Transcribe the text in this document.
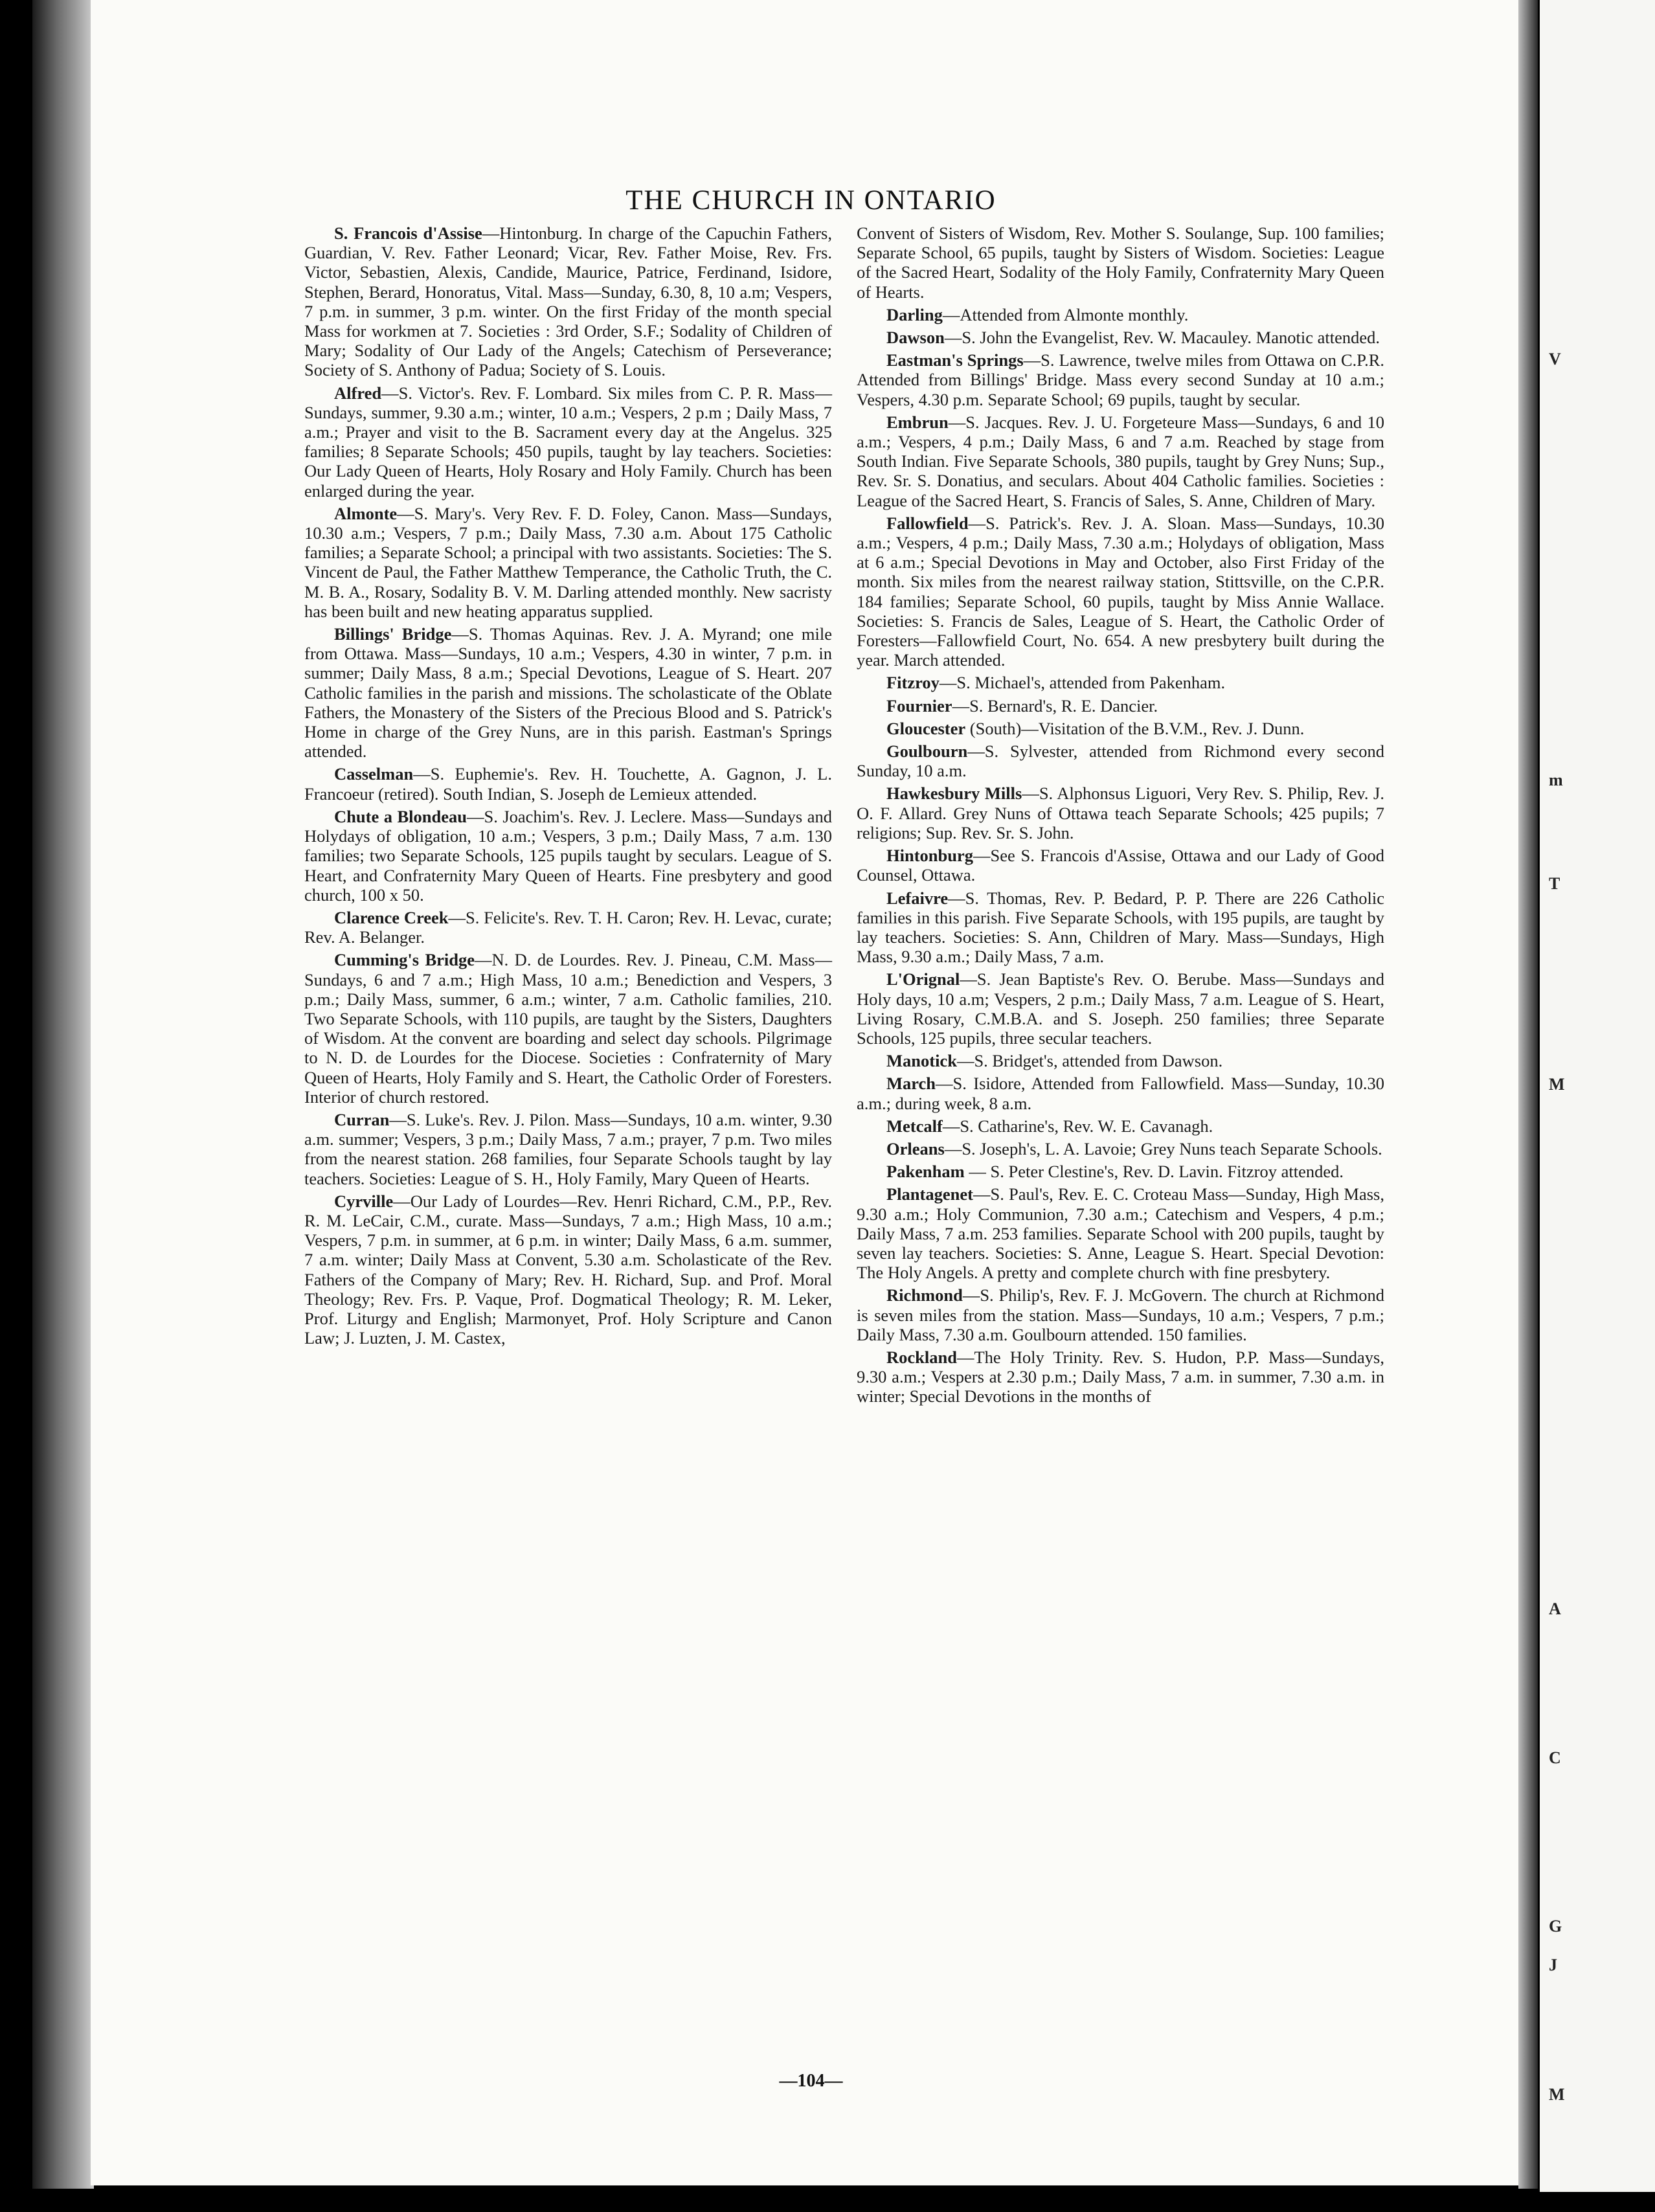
THE CHURCH IN ONTARIO

S. Francois d'Assise—Hintonburg. In charge of the Capuchin Fathers, Guardian, V. Rev. Father Leonard; Vicar, Rev. Father Moise, Rev. Frs. Victor, Sebastien, Alexis, Candide, Maurice, Patrice, Ferdinand, Isidore, Stephen, Berard, Honoratus, Vital. Mass—Sunday, 6.30, 8, 10 a.m; Vespers, 7 p.m. in summer, 3 p.m. winter. On the first Friday of the month special Mass for workmen at 7. Societies : 3rd Order, S.F.; Sodality of Children of Mary; Sodality of Our Lady of the Angels; Catechism of Perseverance; Society of S. Anthony of Padua; Society of S. Louis.

Alfred—S. Victor's. Rev. F. Lombard. Six miles from C. P. R. Mass—Sundays, summer, 9.30 a.m.; winter, 10 a.m.; Vespers, 2 p.m ; Daily Mass, 7 a.m.; Prayer and visit to the B. Sacrament every day at the Angelus. 325 families; 8 Separate Schools; 450 pupils, taught by lay teachers. Societies: Our Lady Queen of Hearts, Holy Rosary and Holy Family. Church has been enlarged during the year.

Almonte—S. Mary's. Very Rev. F. D. Foley, Canon. Mass—Sundays, 10.30 a.m.; Vespers, 7 p.m.; Daily Mass, 7.30 a.m. About 175 Catholic families; a Separate School; a principal with two assistants. Societies: The S. Vincent de Paul, the Father Matthew Temperance, the Catholic Truth, the C. M. B. A., Rosary, Sodality B. V. M. Darling attended monthly. New sacristy has been built and new heating apparatus supplied.

Billings' Bridge—S. Thomas Aquinas. Rev. J. A. Myrand; one mile from Ottawa. Mass—Sundays, 10 a.m.; Vespers, 4.30 in winter, 7 p.m. in summer; Daily Mass, 8 a.m.; Special Devotions, League of S. Heart. 207 Catholic families in the parish and missions. The scholasticate of the Oblate Fathers, the Monastery of the Sisters of the Precious Blood and S. Patrick's Home in charge of the Grey Nuns, are in this parish. Eastman's Springs attended.

Casselman—S. Euphemie's. Rev. H. Touchette, A. Gagnon, J. L. Francoeur (retired). South Indian, S. Joseph de Lemieux attended.

Chute a Blondeau—S. Joachim's. Rev. J. Leclere. Mass—Sundays and Holydays of obligation, 10 a.m.; Vespers, 3 p.m.; Daily Mass, 7 a.m. 130 families; two Separate Schools, 125 pupils taught by seculars. League of S. Heart, and Confraternity Mary Queen of Hearts. Fine presbytery and good church, 100 x 50.

Clarence Creek—S. Felicite's. Rev. T. H. Caron; Rev. H. Levac, curate; Rev. A. Belanger.

Cumming's Bridge—N. D. de Lourdes. Rev. J. Pineau, C.M. Mass—Sundays, 6 and 7 a.m.; High Mass, 10 a.m.; Benediction and Vespers, 3 p.m.; Daily Mass, summer, 6 a.m.; winter, 7 a.m. Catholic families, 210. Two Separate Schools, with 110 pupils, are taught by the Sisters, Daughters of Wisdom. At the convent are boarding and select day schools. Pilgrimage to N. D. de Lourdes for the Diocese. Societies : Confraternity of Mary Queen of Hearts, Holy Family and S. Heart, the Catholic Order of Foresters. Interior of church restored.

Curran—S. Luke's. Rev. J. Pilon. Mass—Sundays, 10 a.m. winter, 9.30 a.m. summer; Vespers, 3 p.m.; Daily Mass, 7 a.m.; prayer, 7 p.m. Two miles from the nearest station. 268 families, four Separate Schools taught by lay teachers. Societies: League of S. H., Holy Family, Mary Queen of Hearts.

Cyrville—Our Lady of Lourdes—Rev. Henri Richard, C.M., P.P., Rev. R. M. LeCair, C.M., curate. Mass—Sundays, 7 a.m.; High Mass, 10 a.m.; Vespers, 7 p.m. in summer, at 6 p.m. in winter; Daily Mass, 6 a.m. summer, 7 a.m. winter; Daily Mass at Convent, 5.30 a.m. Scholasticate of the Rev. Fathers of the Company of Mary; Rev. H. Richard, Sup. and Prof. Moral Theology; Rev. Frs. P. Vaque, Prof. Dogmatical Theology; R. M. Leker, Prof. Liturgy and English; Marmonyet, Prof. Holy Scripture and Canon Law; J. Luzten, J. M. Castex,

Convent of Sisters of Wisdom, Rev. Mother S. Soulange, Sup. 100 families; Separate School, 65 pupils, taught by Sisters of Wisdom. Societies: League of the Sacred Heart, Sodality of the Holy Family, Confraternity Mary Queen of Hearts.

Darling—Attended from Almonte monthly.

Dawson—S. John the Evangelist, Rev. W. Macauley. Manotic attended.

Eastman's Springs—S. Lawrence, twelve miles from Ottawa on C.P.R. Attended from Billings' Bridge. Mass every second Sunday at 10 a.m.; Vespers, 4.30 p.m. Separate School; 69 pupils, taught by secular.

Embrun—S. Jacques. Rev. J. U. Forgeteure Mass—Sundays, 6 and 10 a.m.; Vespers, 4 p.m.; Daily Mass, 6 and 7 a.m. Reached by stage from South Indian. Five Separate Schools, 380 pupils, taught by Grey Nuns; Sup., Rev. Sr. S. Donatius, and seculars. About 404 Catholic families. Societies : League of the Sacred Heart, S. Francis of Sales, S. Anne, Children of Mary.

Fallowfield—S. Patrick's. Rev. J. A. Sloan. Mass—Sundays, 10.30 a.m.; Vespers, 4 p.m.; Daily Mass, 7.30 a.m.; Holydays of obligation, Mass at 6 a.m.; Special Devotions in May and October, also First Friday of the month. Six miles from the nearest railway station, Stittsville, on the C.P.R. 184 families; Separate School, 60 pupils, taught by Miss Annie Wallace. Societies: S. Francis de Sales, League of S. Heart, the Catholic Order of Foresters—Fallowfield Court, No. 654. A new presbytery built during the year. March attended.

Fitzroy—S. Michael's, attended from Pakenham.

Fournier—S. Bernard's, R. E. Dancier.

Gloucester (South)—Visitation of the B.V.M., Rev. J. Dunn.

Goulbourn—S. Sylvester, attended from Richmond every second Sunday, 10 a.m.

Hawkesbury Mills—S. Alphonsus Liguori, Very Rev. S. Philip, Rev. J. O. F. Allard. Grey Nuns of Ottawa teach Separate Schools; 425 pupils; 7 religions; Sup. Rev. Sr. S. John.

Hintonburg—See S. Francois d'Assise, Ottawa and our Lady of Good Counsel, Ottawa.

Lefaivre—S. Thomas, Rev. P. Bedard, P. P. There are 226 Catholic families in this parish. Five Separate Schools, with 195 pupils, are taught by lay teachers. Societies: S. Ann, Children of Mary. Mass—Sundays, High Mass, 9.30 a.m.; Daily Mass, 7 a.m.

L'Orignal—S. Jean Baptiste's Rev. O. Berube. Mass—Sundays and Holy days, 10 a.m; Vespers, 2 p.m.; Daily Mass, 7 a.m. League of S. Heart, Living Rosary, C.M.B.A. and S. Joseph. 250 families; three Separate Schools, 125 pupils, three secular teachers.

Manotick—S. Bridget's, attended from Dawson.

March—S. Isidore, Attended from Fallowfield. Mass—Sunday, 10.30 a.m.; during week, 8 a.m.

Metcalf—S. Catharine's, Rev. W. E. Cavanagh.

Orleans—S. Joseph's, L. A. Lavoie; Grey Nuns teach Separate Schools.

Pakenham — S. Peter Clestine's, Rev. D. Lavin. Fitzroy attended.

Plantagenet—S. Paul's, Rev. E. C. Croteau Mass—Sunday, High Mass, 9.30 a.m.; Holy Communion, 7.30 a.m.; Catechism and Vespers, 4 p.m.; Daily Mass, 7 a.m. 253 families. Separate School with 200 pupils, taught by seven lay teachers. Societies: S. Anne, League S. Heart. Special Devotion: The Holy Angels. A pretty and complete church with fine presbytery.

Richmond—S. Philip's, Rev. F. J. McGovern. The church at Richmond is seven miles from the station. Mass—Sundays, 10 a.m.; Vespers, 7 p.m.; Daily Mass, 7.30 a.m. Goulbourn attended. 150 families.

Rockland—The Holy Trinity. Rev. S. Hudon, P.P. Mass—Sundays, 9.30 a.m.; Vespers at 2.30 p.m.; Daily Mass, 7 a.m. in summer, 7.30 a.m. in winter; Special Devotions in the months of

—104—
V
m
T
M
A
C
G
J
M
